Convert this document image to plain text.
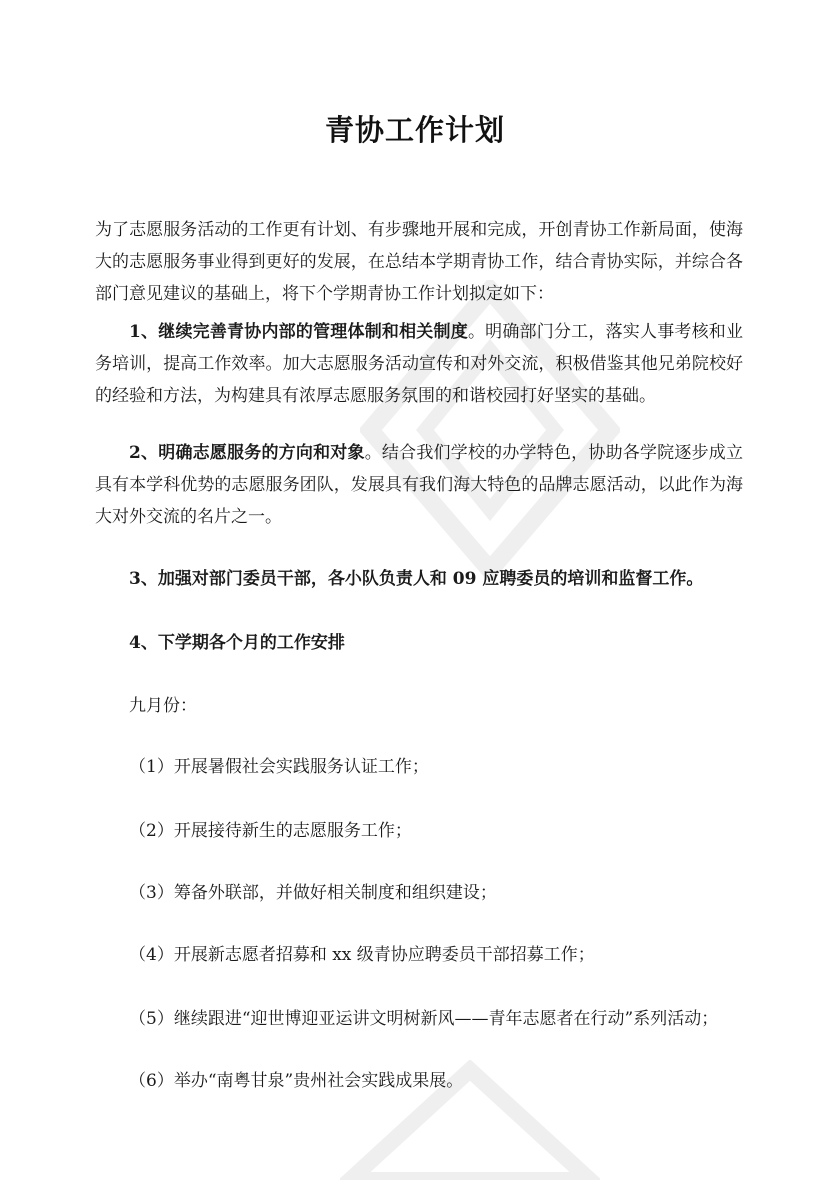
青协工作计划

为了志愿服务活动的工作更有计划、有步骤地开展和完成，开创青协工作新局面，使海大的志愿服务事业得到更好的发展，在总结本学期青协工作，结合青协实际，并综合各部门意见建议的基础上，将下个学期青协工作计划拟定如下：

1、继续完善青协内部的管理体制和相关制度。明确部门分工，落实人事考核和业务培训，提高工作效率。加大志愿服务活动宣传和对外交流，积极借鉴其他兄弟院校好的经验和方法，为构建具有浓厚志愿服务氛围的和谐校园打好坚实的基础。

2、明确志愿服务的方向和对象。结合我们学校的办学特色，协助各学院逐步成立具有本学科优势的志愿服务团队，发展具有我们海大特色的品牌志愿活动，以此作为海大对外交流的名片之一。

3、加强对部门委员干部，各小队负责人和 09 应聘委员的培训和监督工作。

4、下学期各个月的工作安排

九月份：

（1）开展暑假社会实践服务认证工作；

（2）开展接待新生的志愿服务工作；

（3）筹备外联部，并做好相关制度和组织建设；

（4）开展新志愿者招募和 xx 级青协应聘委员干部招募工作；

（5）继续跟进“迎世博迎亚运讲文明树新风——青年志愿者在行动”系列活动；

（6）举办“南粤甘泉”贵州社会实践成果展。
